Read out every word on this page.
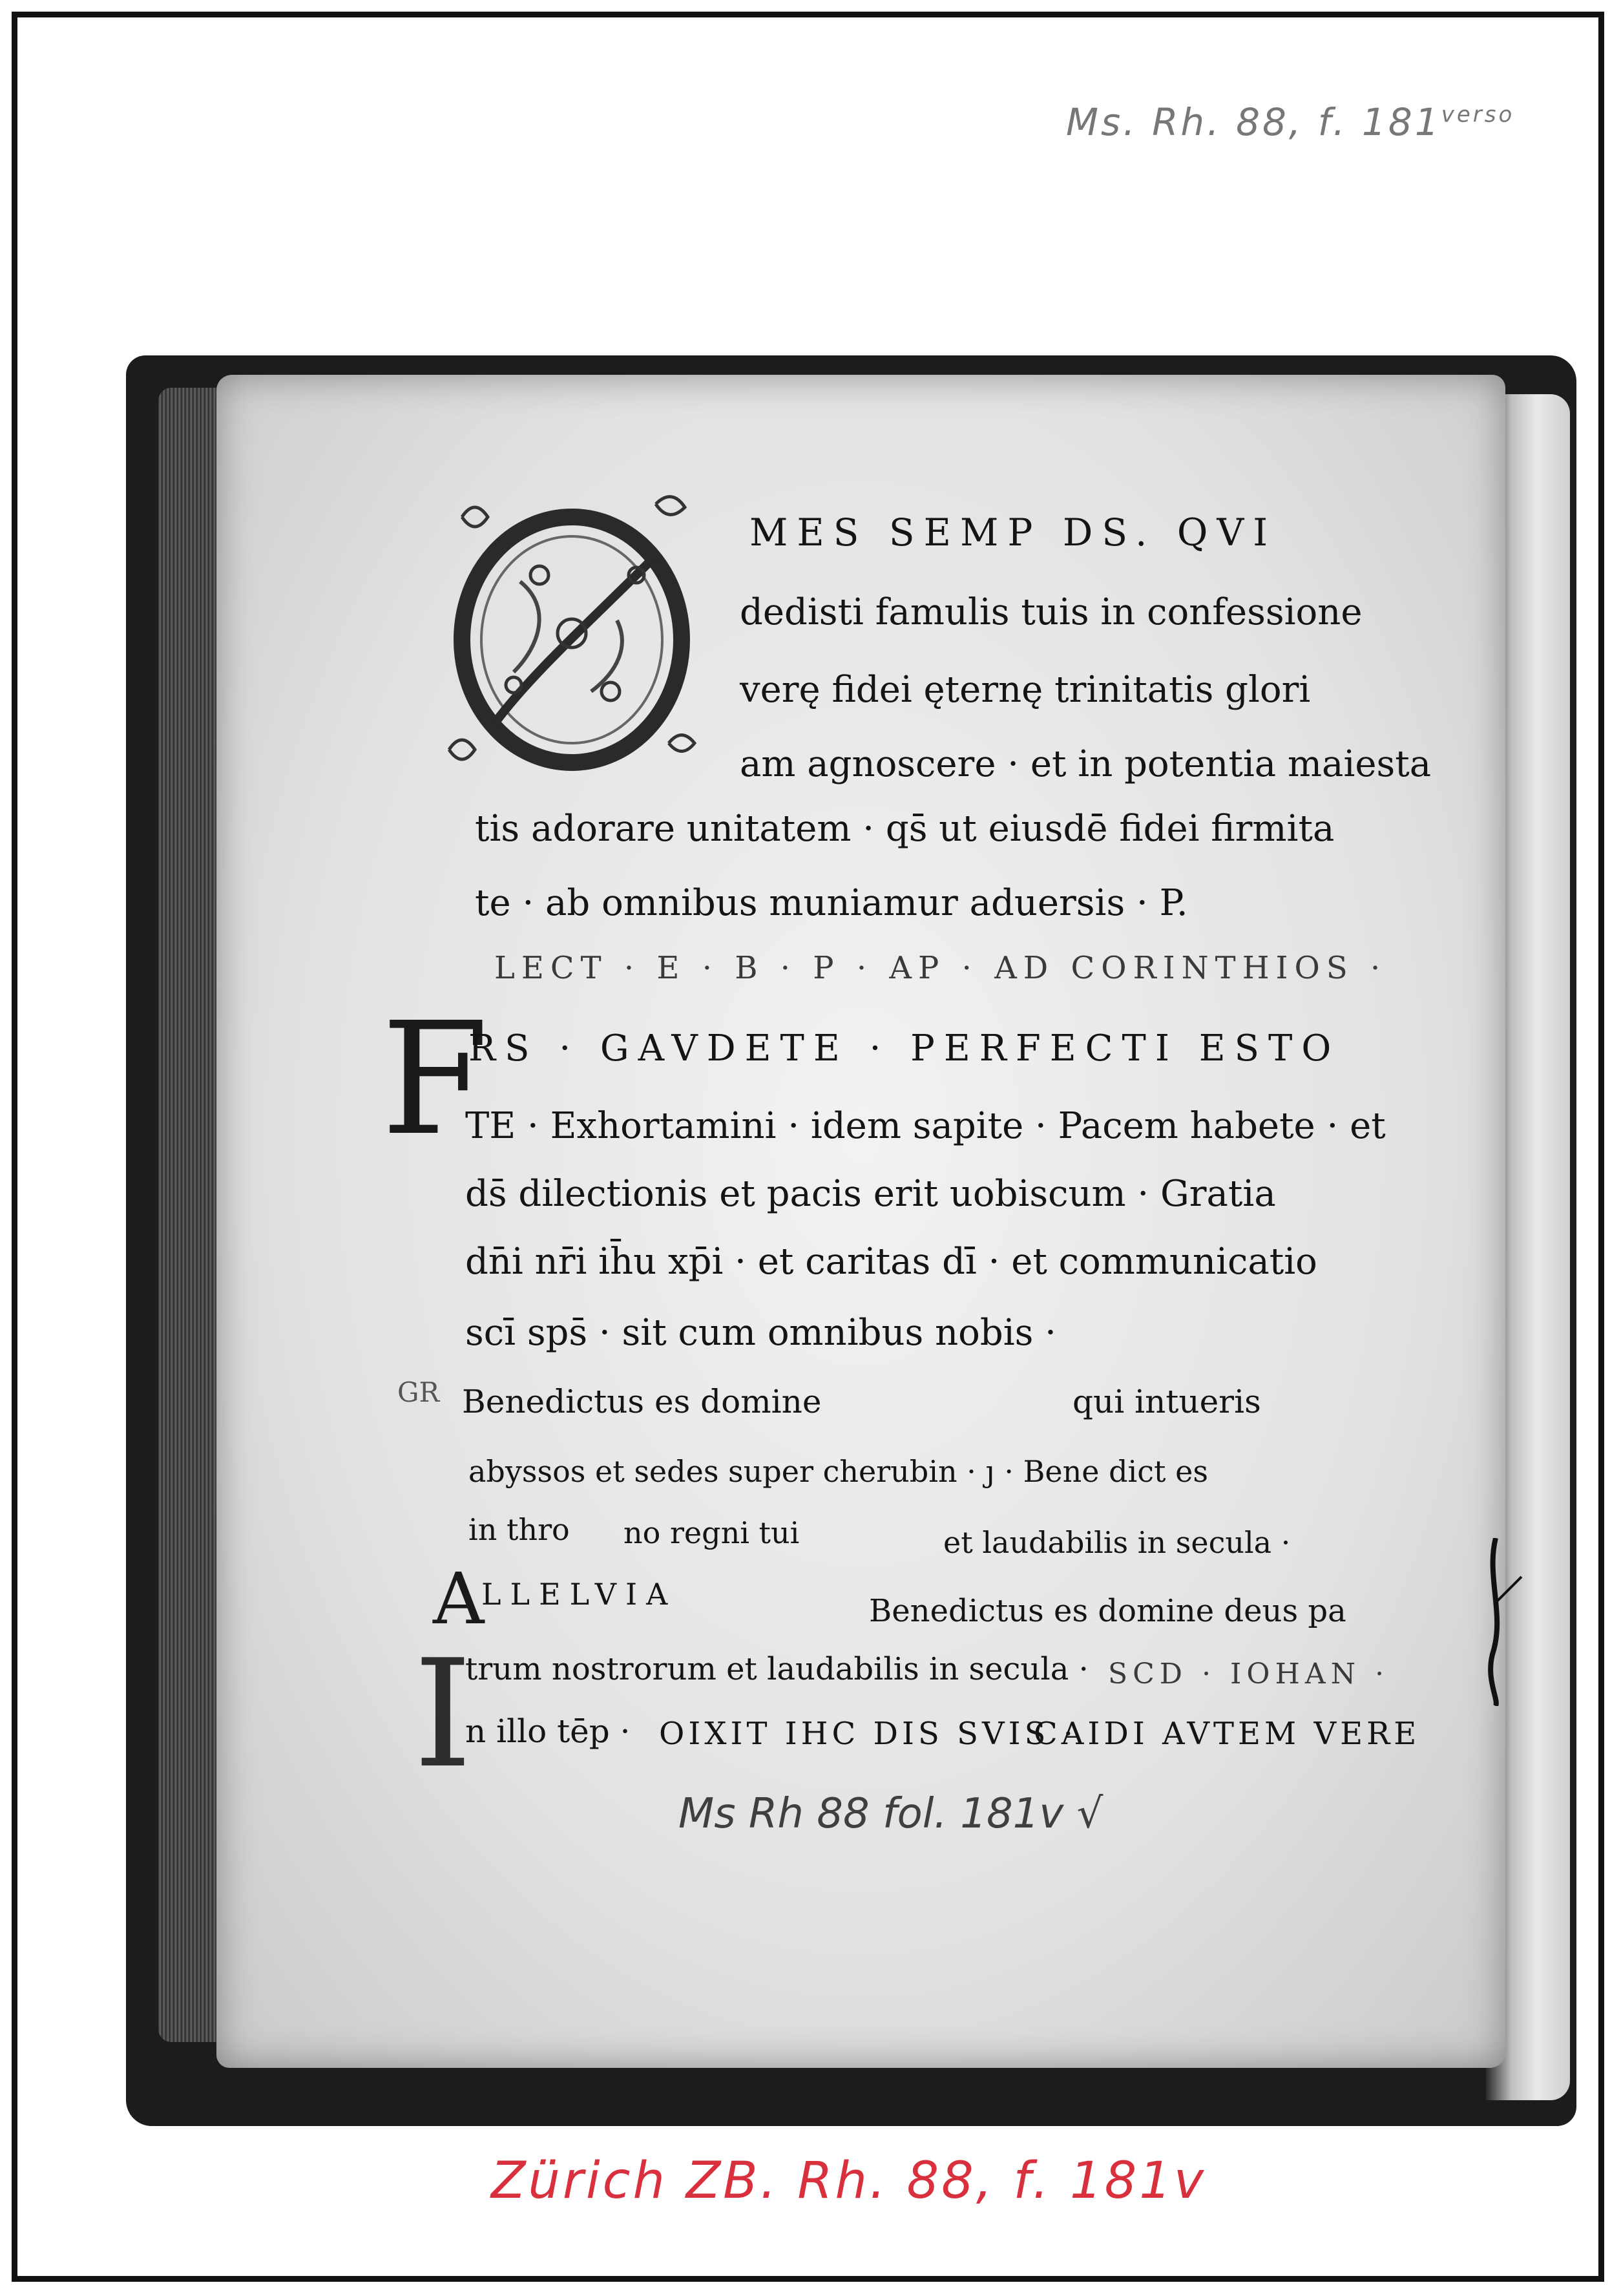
Ms. Rh. 88, f. $181^{verso}$
MES SEMP DS. QVI
dedisti famulis tuis in confessione
verę fidei ęternę trinitatis glori
am agnoscere · et in potentia maiesta
tis adorare unitatem · qs̄ ut eiusdē fidei firmita
te · ab omnibus muniamur aduersis · P.
LECT · E · B · P · AP · AD CORINTHIOS ·
F
RS · GAVDETE · PERFECTI ESTO
TE · Exhortamini · idem sapite · Pacem habete · et
ds̄ dilectionis et pacis erit uobiscum · Gratia
dn̄i nr̄i ih̄u xp̄i · et caritas dī · et communicatio
scī sps̄ · sit cum omnibus nobis ·
GR Benedictus es domine	qui intueris
abyssos et sedes super cherubin · ȷ · Bene dict es
in thro no regni tui	et laudabilis in secula ·
A
LLELVIA	Benedictus es domine deus pa
trum nostrorum et laudabilis in secula · SCD · IOHAN ·
I
n illo tēp · OIXIT IHC DIS SVIS ·
CAIDI AVTEM VERE
Ms Rh 88 fol. 181v √
Zürich ZB. Rh. 88, f. 181v
